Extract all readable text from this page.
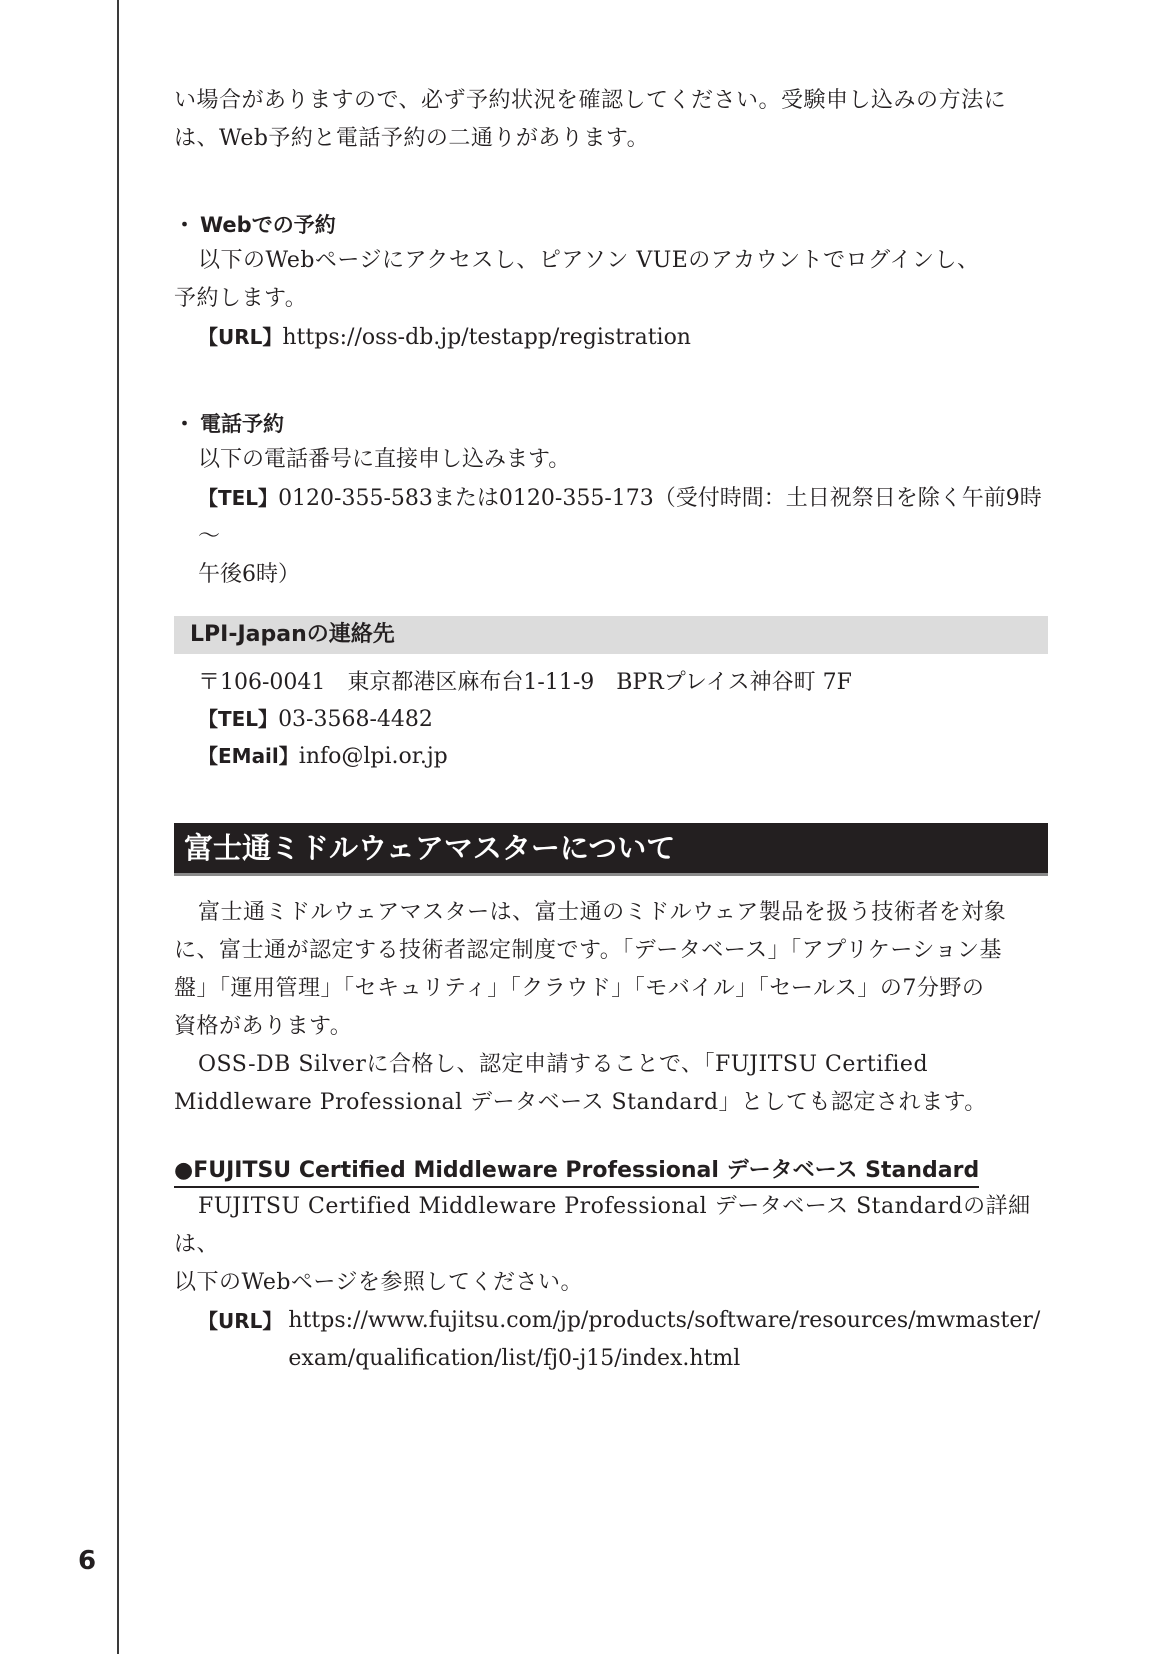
6

い場合がありますので、必ず予約状況を確認してください。受験申し込みの方法に

は、Web予約と電話予約の二通りがあります。

・ Webでの予約

以下のWebページにアクセスし、ピアソン VUEのアカウントでログインし、

予約します。

【URL】https://oss-db.jp/testapp/registration

・ 電話予約

以下の電話番号に直接申し込みます。

【TEL】0120-355-583または0120-355-173（受付時間：土日祝祭日を除く午前9時～

午後6時）

LPI-Japanの連絡先

〒106-0041　東京都港区麻布台1-11-9　BPRプレイス神谷町 7F

【TEL】03-3568-4482

【EMail】info@lpi.or.jp

富士通ミドルウェアマスターについて

富士通ミドルウェアマスターは、富士通のミドルウェア製品を扱う技術者を対象

に、富士通が認定する技術者認定制度です。「データベース」「アプリケーション基

盤」「運用管理」「セキュリティ」「クラウド」「モバイル」「セールス」の7分野の

資格があります。

OSS-DB Silverに合格し、認定申請することで、「FUJITSU Certified

Middleware Professional データベース Standard」としても認定されます。

●FUJITSU Certified Middleware Professional データベース Standard

FUJITSU Certified Middleware Professional データベース Standardの詳細は、

以下のWebページを参照してください。

【URL】 https://www.fujitsu.com/jp/products/software/resources/mwmaster/
exam/qualification/list/fj0-j15/index.html
